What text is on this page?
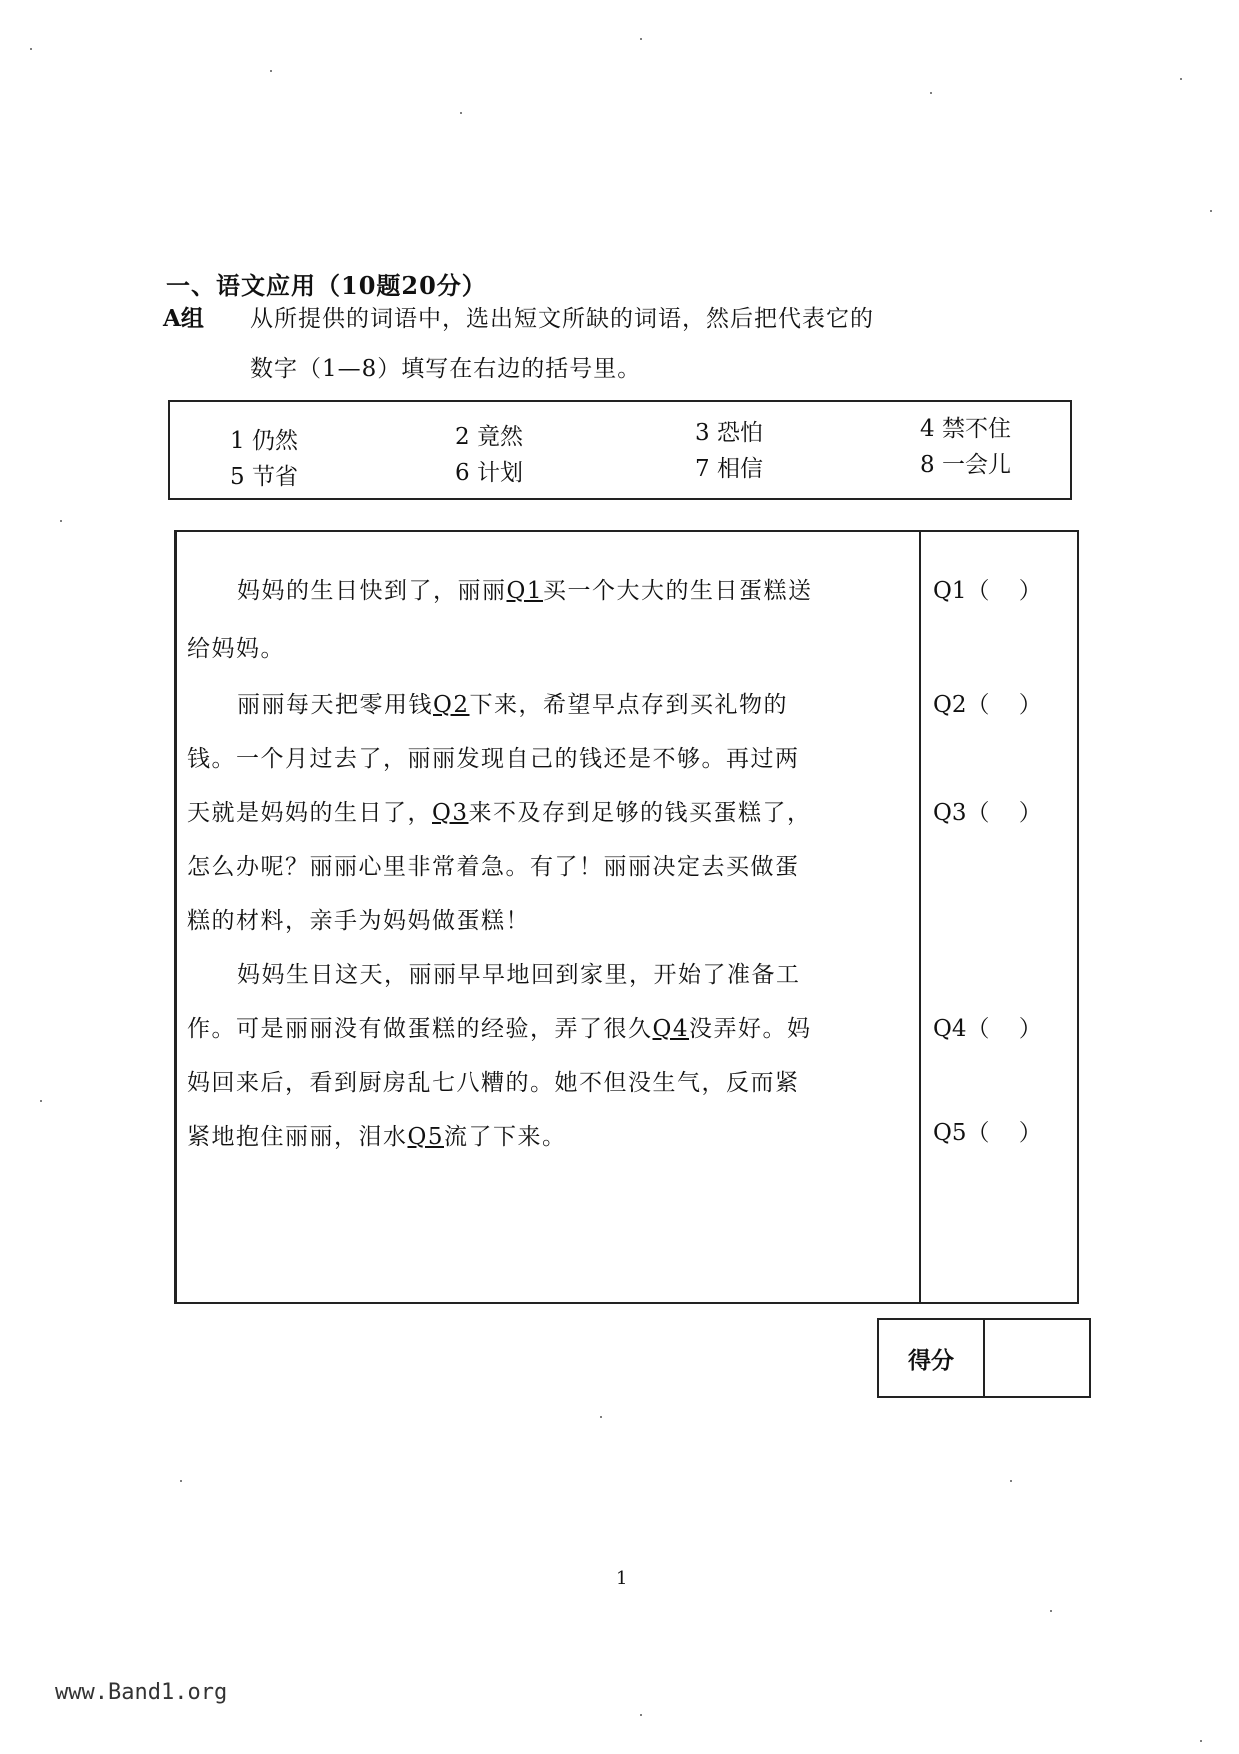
一、语文应用（10题20分）
A组 从所提供的词语中，选出短文所缺的词语，然后把代表它的
数字（1—8）填写在右边的括号里。
1 仍然	2 竟然	3 恐怕	4 禁不住
5 节省	6 计划	7 相信	8 一会儿
妈妈的生日快到了，丽丽Q1买一个大大的生日蛋糕送
给妈妈。
丽丽每天把零用钱Q2下来，希望早点存到买礼物的
钱。一个月过去了，丽丽发现自己的钱还是不够。再过两
天就是妈妈的生日了，Q3来不及存到足够的钱买蛋糕了，
怎么办呢？丽丽心里非常着急。有了！丽丽决定去买做蛋
糕的材料，亲手为妈妈做蛋糕！
妈妈生日这天，丽丽早早地回到家里，开始了准备工
作。可是丽丽没有做蛋糕的经验，弄了很久Q4没弄好。妈
妈回来后，看到厨房乱七八糟的。她不但没生气，反而紧
紧地抱住丽丽，泪水Q5流了下来。
Q1（    ）
Q2（    ）
Q3（    ）
Q4（    ）
Q5（    ）
得分
1
www.Band1.org
